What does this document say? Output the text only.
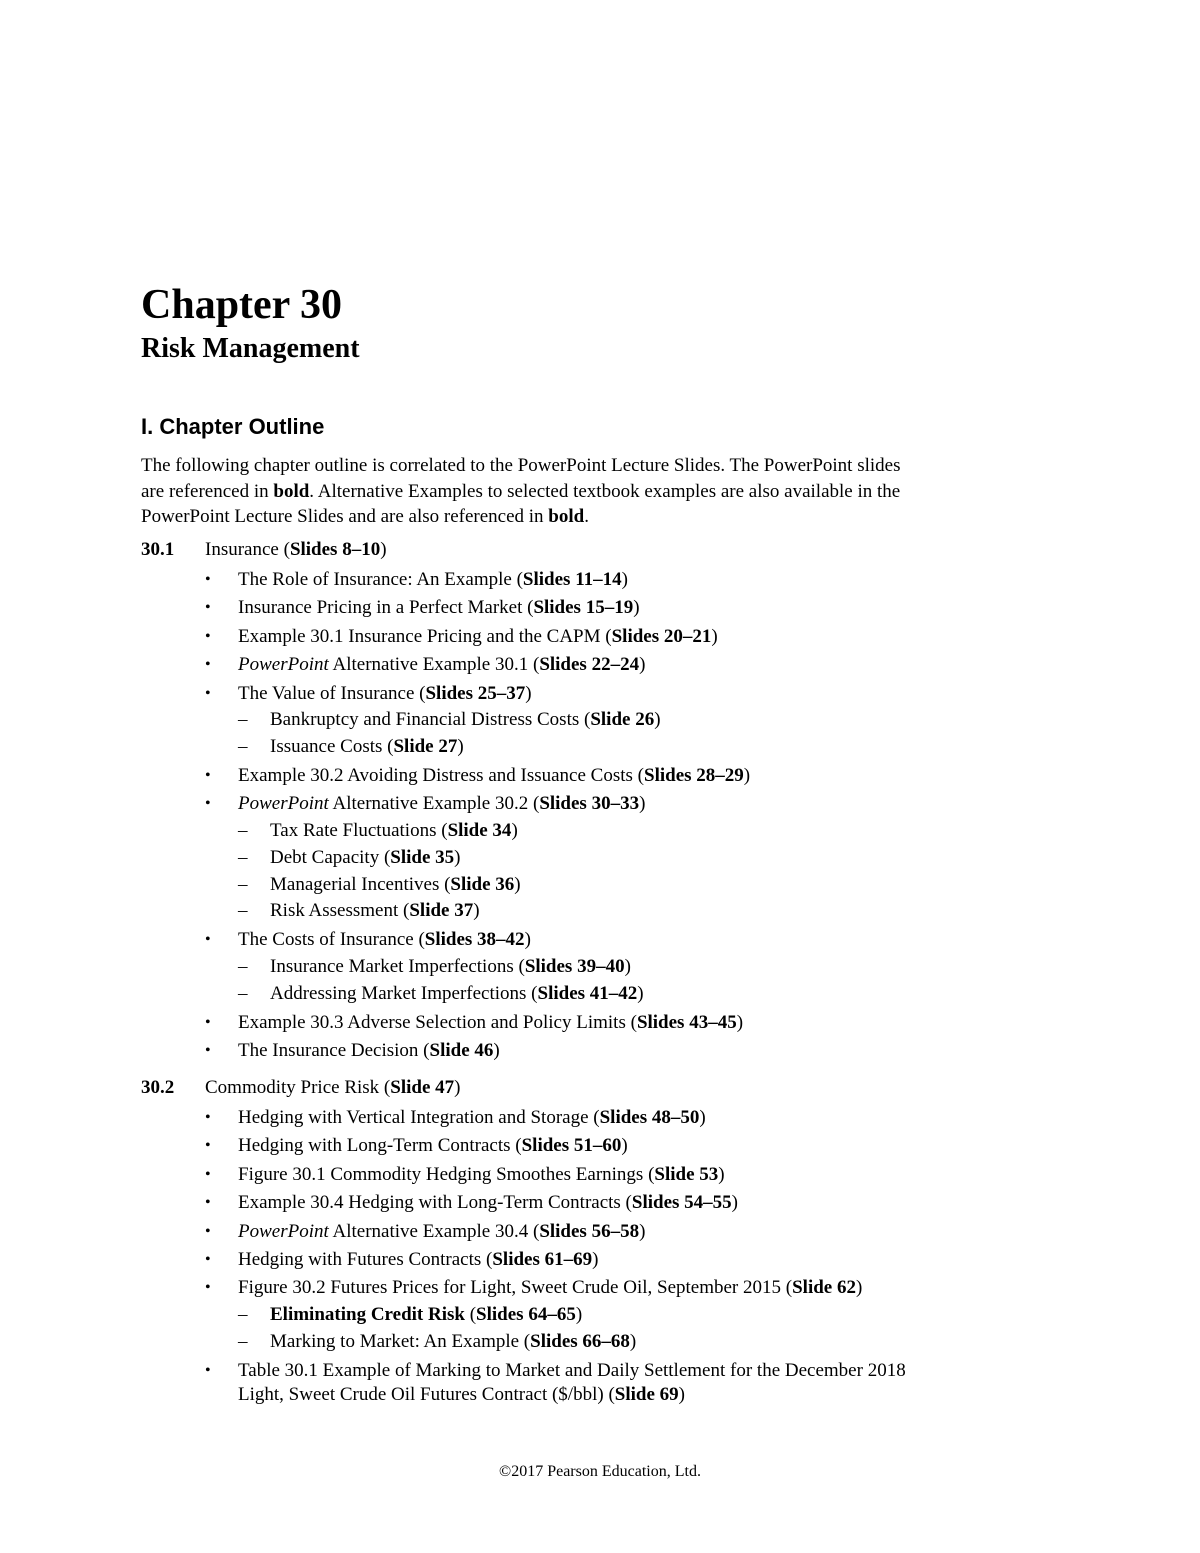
Chapter 30
Risk Management
I. Chapter Outline
The following chapter outline is correlated to the PowerPoint Lecture Slides. The PowerPoint slides
are referenced in bold. Alternative Examples to selected textbook examples are also available in the
PowerPoint Lecture Slides and are also referenced in bold.
30.1 Insurance (Slides 8–10)
• The Role of Insurance: An Example (Slides 11–14)
• Insurance Pricing in a Perfect Market (Slides 15–19)
• Example 30.1 Insurance Pricing and the CAPM (Slides 20–21)
• PowerPoint Alternative Example 30.1 (Slides 22–24)
• The Value of Insurance (Slides 25–37)
– Bankruptcy and Financial Distress Costs (Slide 26)
– Issuance Costs (Slide 27)
• Example 30.2 Avoiding Distress and Issuance Costs (Slides 28–29)
• PowerPoint Alternative Example 30.2 (Slides 30–33)
– Tax Rate Fluctuations (Slide 34)
– Debt Capacity (Slide 35)
– Managerial Incentives (Slide 36)
– Risk Assessment (Slide 37)
• The Costs of Insurance (Slides 38–42)
– Insurance Market Imperfections (Slides 39–40)
– Addressing Market Imperfections (Slides 41–42)
• Example 30.3 Adverse Selection and Policy Limits (Slides 43–45)
• The Insurance Decision (Slide 46)
30.2 Commodity Price Risk (Slide 47)
• Hedging with Vertical Integration and Storage (Slides 48–50)
• Hedging with Long-Term Contracts (Slides 51–60)
• Figure 30.1 Commodity Hedging Smoothes Earnings (Slide 53)
• Example 30.4 Hedging with Long-Term Contracts (Slides 54–55)
• PowerPoint Alternative Example 30.4 (Slides 56–58)
• Hedging with Futures Contracts (Slides 61–69)
• Figure 30.2 Futures Prices for Light, Sweet Crude Oil, September 2015 (Slide 62)
– Eliminating Credit Risk (Slides 64–65)
– Marking to Market: An Example (Slides 66–68)
• Table 30.1 Example of Marking to Market and Daily Settlement for the December 2018
Light, Sweet Crude Oil Futures Contract ($/bbl) (Slide 69)
©2017 Pearson Education, Ltd.
